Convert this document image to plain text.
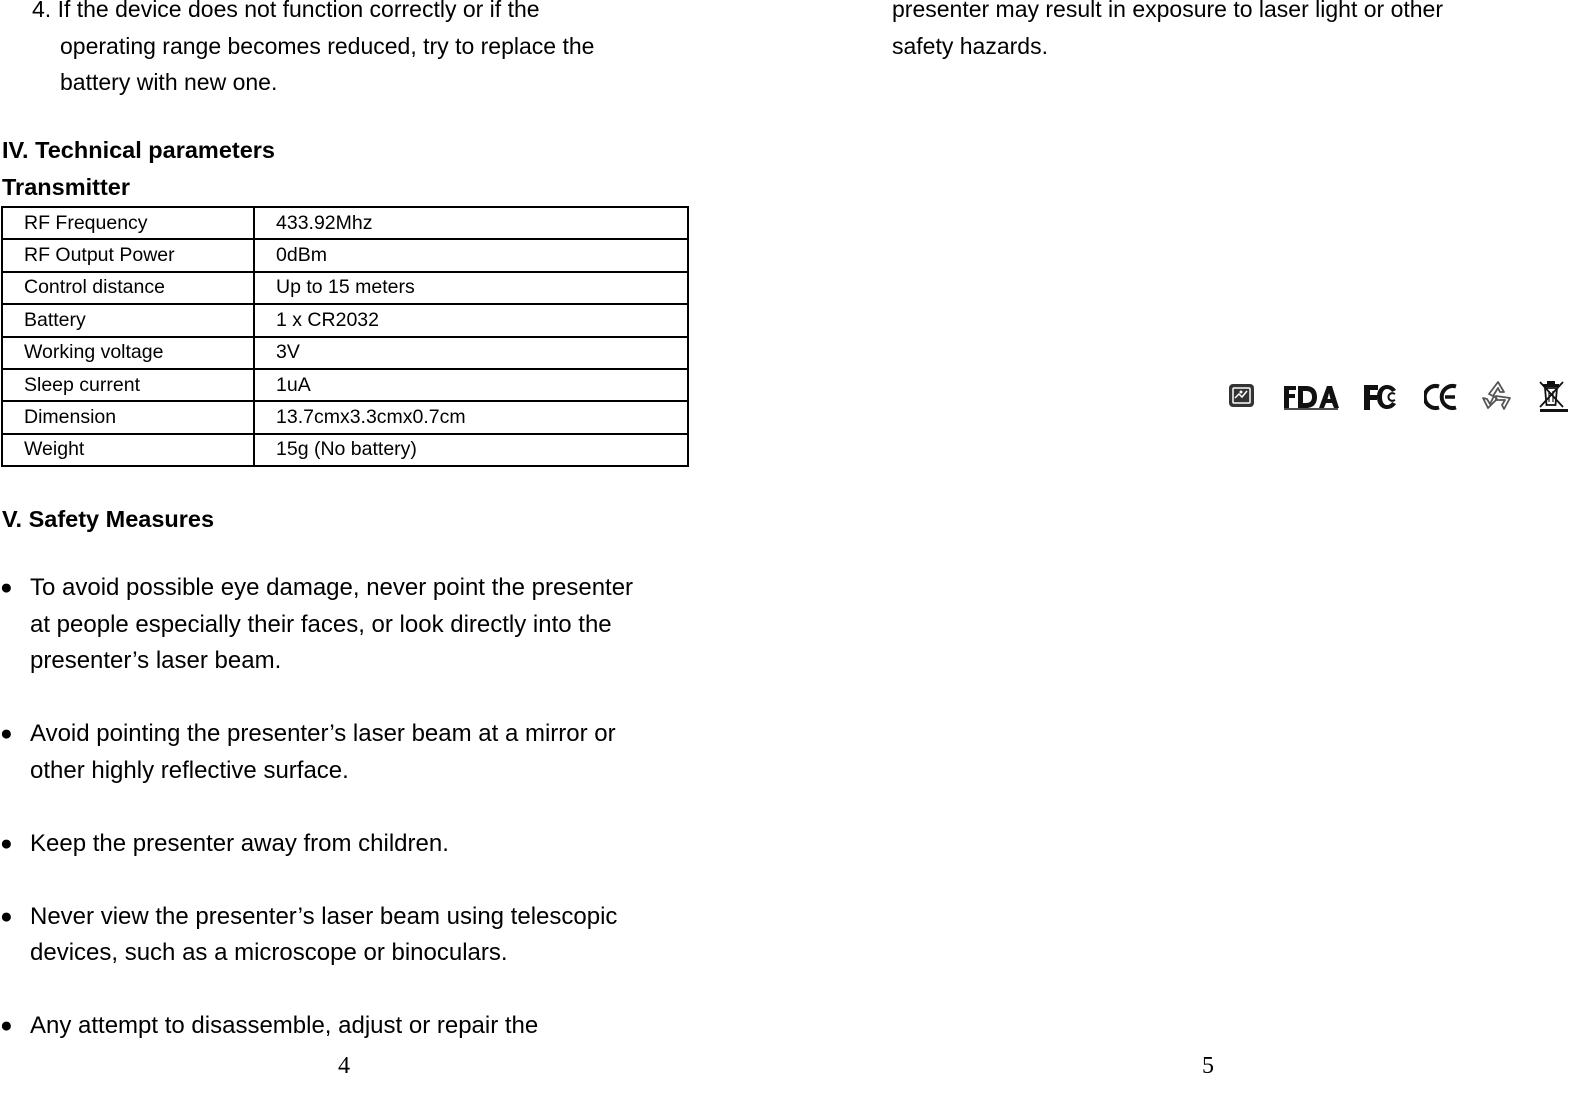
4. If the device does not function correctly or if the
operating range becomes reduced, try to replace the
battery with new one.
IV. Technical parameters
Transmitter
RF Frequency	433.92Mhz
RF Output Power	0dBm
Control distance	Up to 15 meters
Battery	1 x CR2032
Working voltage	3V
Sleep current	1uA
Dimension	13.7cmx3.3cmx0.7cm
Weight	15g (No battery)
V. Safety Measures
● To avoid possible eye damage, never point the presenter
at people especially their faces, or look directly into the
presenter’s laser beam.
● Avoid pointing the presenter’s laser beam at a mirror or
other highly reflective surface.
● Keep the presenter away from children.
● Never view the presenter’s laser beam using telescopic
devices, such as a microscope or binoculars.
● Any attempt to disassemble, adjust or repair the
4
presenter may result in exposure to laser light or other
safety hazards.
5
